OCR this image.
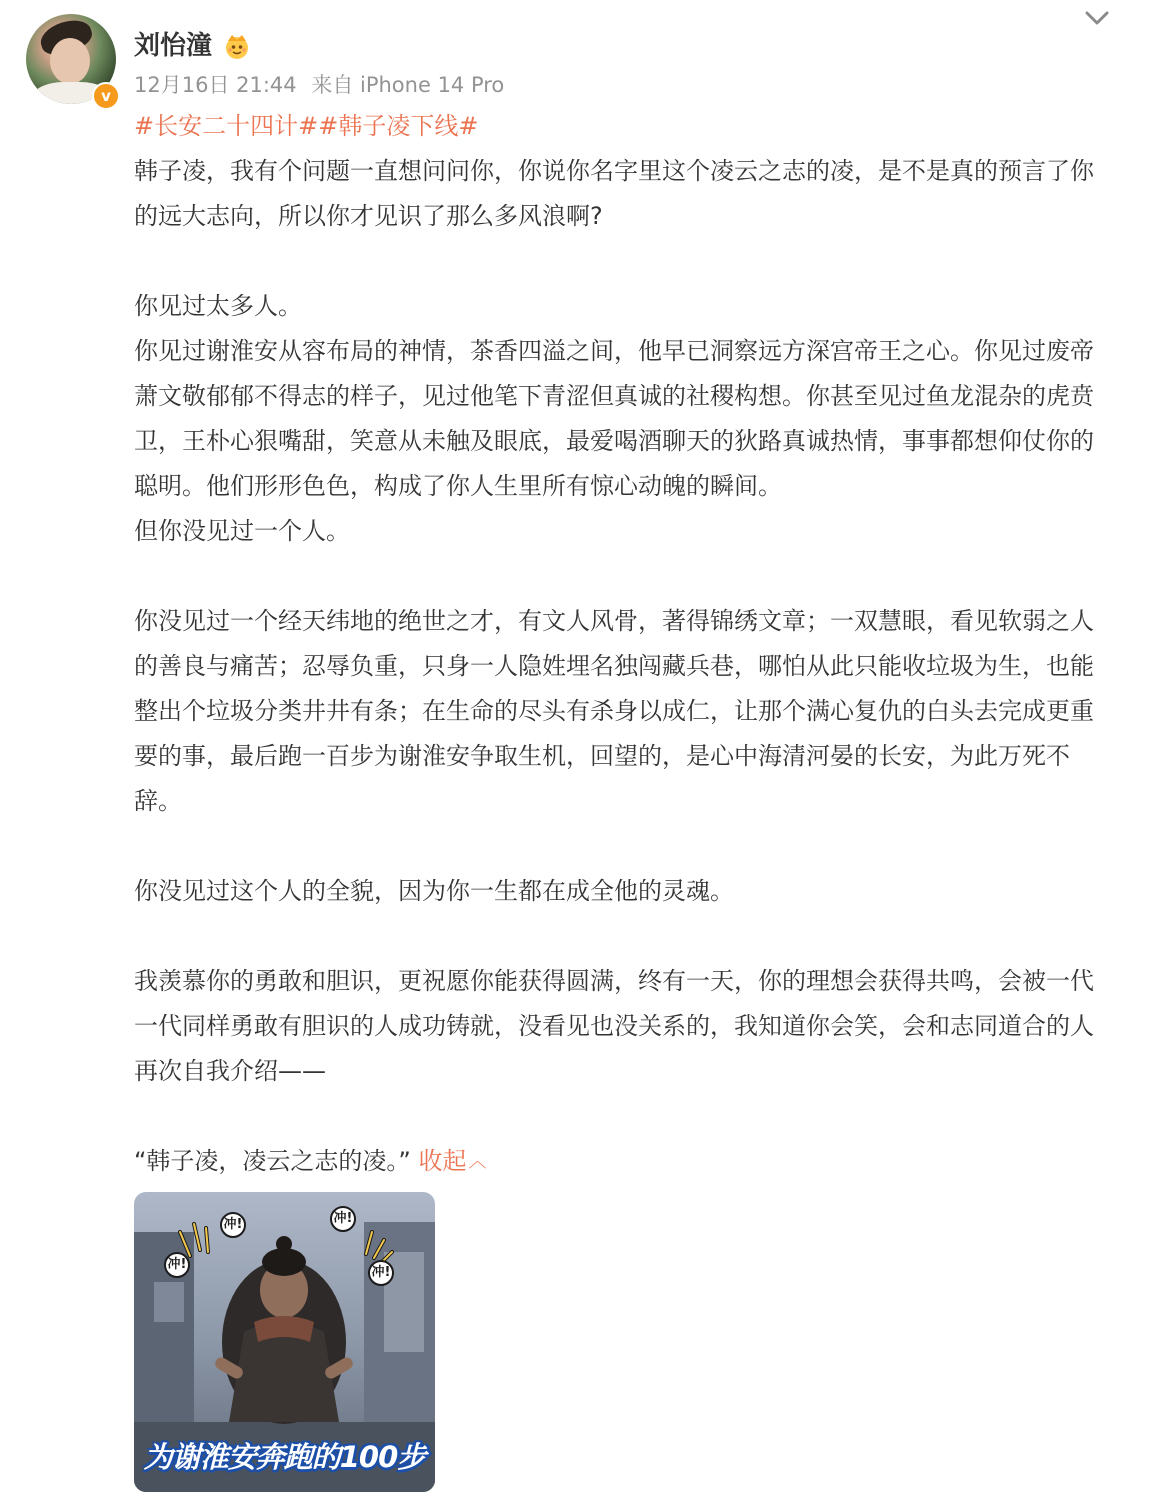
v
刘怡潼
12月16日 21:44 来自 iPhone 14 Pro

#长安二十四计##韩子凌下线#

韩子凌，我有个问题一直想问问你，你说你名字里这个凌云之志的凌，是不是真的预言了你的远大志向，所以你才见识了那么多风浪啊?

你见过太多人。

你见过谢淮安从容布局的神情，茶香四溢之间，他早已洞察远方深宫帝王之心。你见过废帝萧文敬郁郁不得志的样子，见过他笔下青涩但真诚的社稷构想。你甚至见过鱼龙混杂的虎贲卫，王朴心狠嘴甜，笑意从未触及眼底，最爱喝酒聊天的狄路真诚热情，事事都想仰仗你的聪明。他们形形色色，构成了你人生里所有惊心动魄的瞬间。

但你没见过一个人。

你没见过一个经天纬地的绝世之才，有文人风骨，著得锦绣文章；一双慧眼，看见软弱之人的善良与痛苦；忍辱负重，只身一人隐姓埋名独闯藏兵巷，哪怕从此只能收垃圾为生，也能整出个垃圾分类井井有条；在生命的尽头有杀身以成仁，让那个满心复仇的白头去完成更重要的事，最后跑一百步为谢淮安争取生机，回望的，是心中海清河晏的长安，为此万死不辞。

你没见过这个人的全貌，因为你一生都在成全他的灵魂。

我羡慕你的勇敢和胆识，更祝愿你能获得圆满，终有一天，你的理想会获得共鸣，会被一代一代同样勇敢有胆识的人成功铸就，没看见也没关系的，我知道你会笑，会和志同道合的人再次自我介绍——

“韩子凌，凌云之志的凌。” 收起 ︿

冲!
冲!
冲!
冲!
为谢淮安奔跑的100步
